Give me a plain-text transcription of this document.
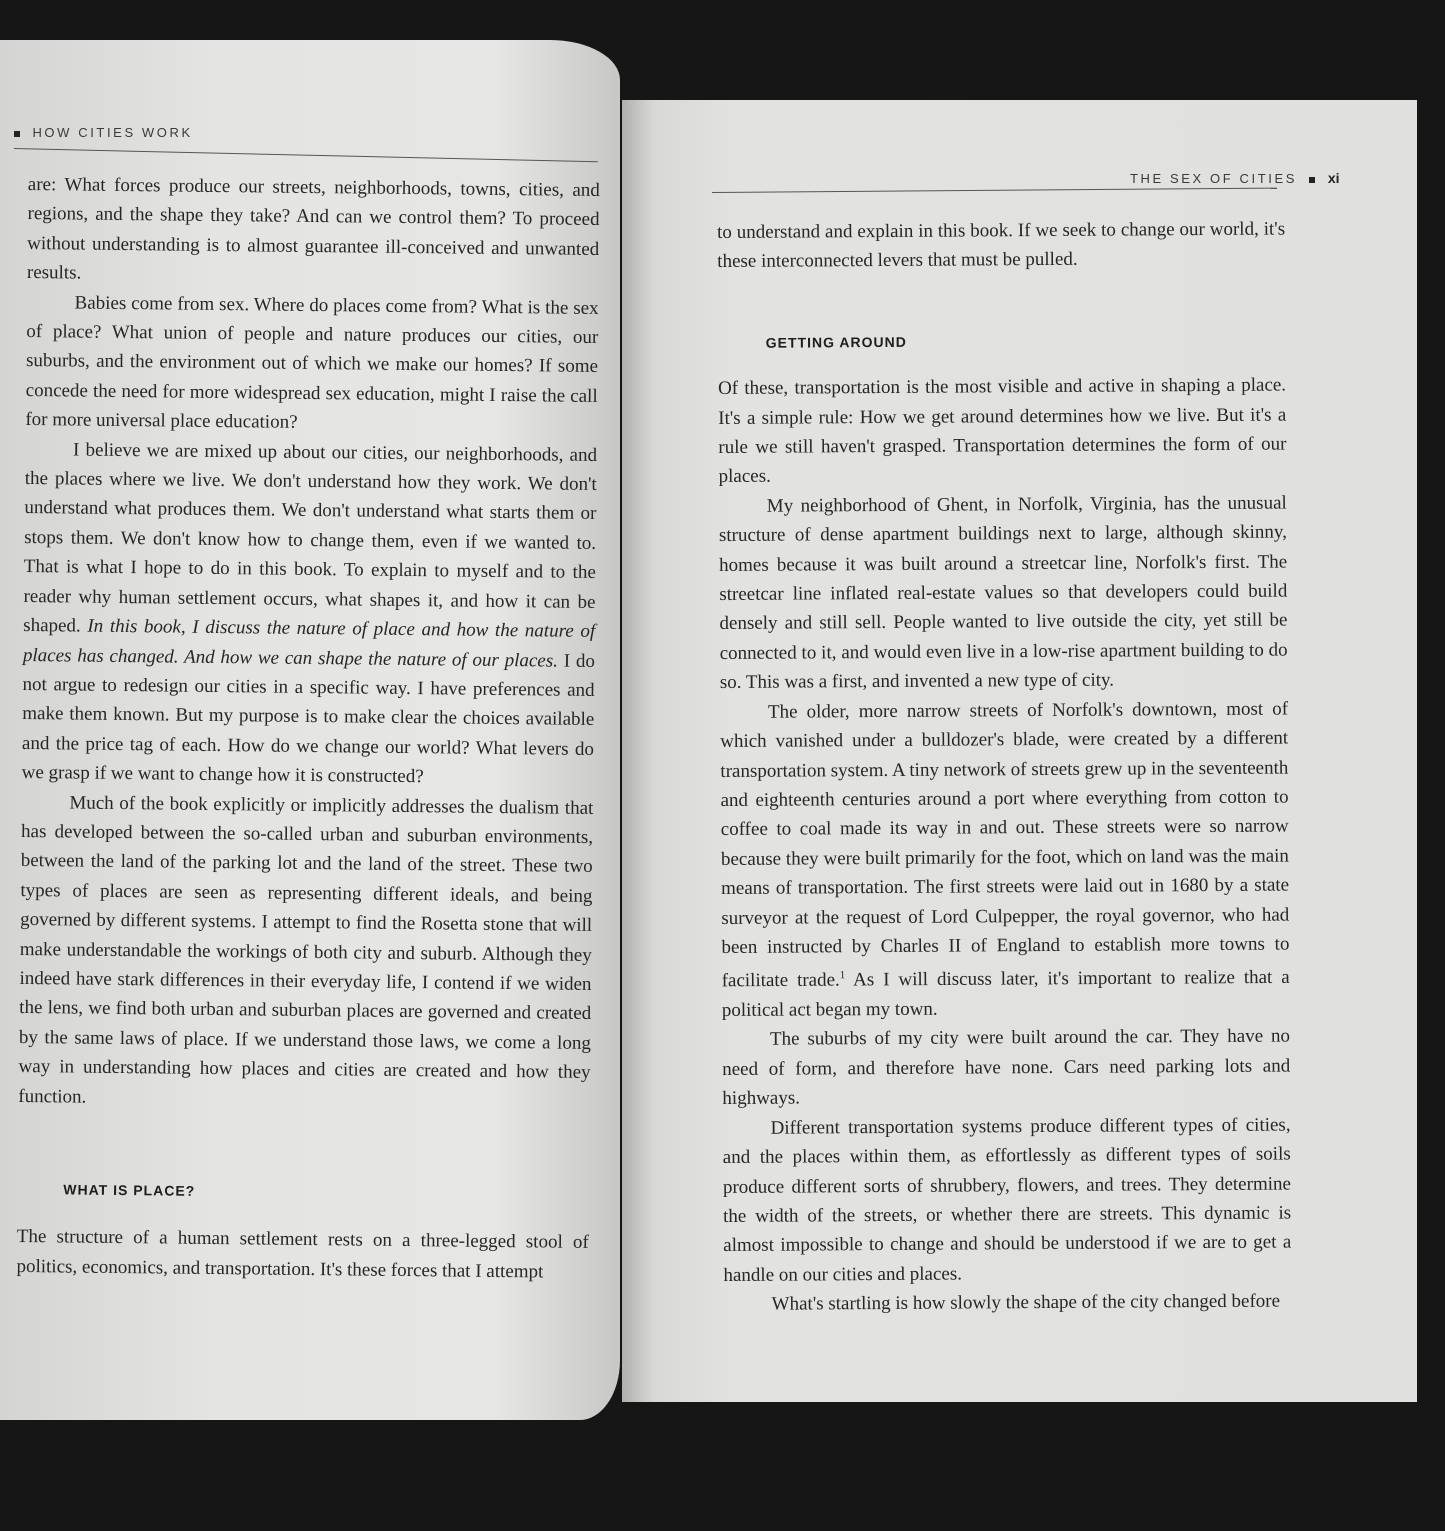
HOW CITIES WORK

are: What forces produce our streets, neighborhoods, towns, cities, and regions, and the shape they take? And can we control them? To proceed without understanding is to almost guarantee ill-conceived and unwanted results.

Babies come from sex. Where do places come from? What is the sex of place? What union of people and nature produces our cities, our suburbs, and the environment out of which we make our homes? If some concede the need for more widespread sex education, might I raise the call for more universal place education?

I believe we are mixed up about our cities, our neighborhoods, and the places where we live. We don't understand how they work. We don't understand what produces them. We don't understand what starts them or stops them. We don't know how to change them, even if we wanted to. That is what I hope to do in this book. To explain to myself and to the reader why human settlement occurs, what shapes it, and how it can be shaped. In this book, I discuss the nature of place and how the nature of places has changed. And how we can shape the nature of our places. I do not argue to redesign our cities in a specific way. I have preferences and make them known. But my purpose is to make clear the choices available and the price tag of each. How do we change our world? What levers do we grasp if we want to change how it is constructed?

Much of the book explicitly or implicitly addresses the dualism that has developed between the so-called urban and suburban environments, between the land of the parking lot and the land of the street. These two types of places are seen as representing different ideals, and being governed by different systems. I attempt to find the Rosetta stone that will make understandable the workings of both city and suburb. Although they indeed have stark differences in their everyday life, I contend if we widen the lens, we find both urban and suburban places are governed and created by the same laws of place. If we understand those laws, we come a long way in understanding how places and cities are created and how they function.

WHAT IS PLACE?

The structure of a human settlement rests on a three-legged stool of politics, economics, and transportation. It's these forces that I attempt

THE SEX OF CITIES xi

to understand and explain in this book. If we seek to change our world, it's these interconnected levers that must be pulled.

GETTING AROUND

Of these, transportation is the most visible and active in shaping a place. It's a simple rule: How we get around determines how we live. But it's a rule we still haven't grasped. Transportation determines the form of our places.

My neighborhood of Ghent, in Norfolk, Virginia, has the unusual structure of dense apartment buildings next to large, although skinny, homes because it was built around a streetcar line, Norfolk's first. The streetcar line inflated real-estate values so that developers could build densely and still sell. People wanted to live outside the city, yet still be connected to it, and would even live in a low-rise apartment building to do so. This was a first, and invented a new type of city.

The older, more narrow streets of Norfolk's downtown, most of which vanished under a bulldozer's blade, were created by a different transportation system. A tiny network of streets grew up in the seventeenth and eighteenth centuries around a port where everything from cotton to coffee to coal made its way in and out. These streets were so narrow because they were built primarily for the foot, which on land was the main means of transportation. The first streets were laid out in 1680 by a state surveyor at the request of Lord Culpepper, the royal governor, who had been instructed by Charles II of England to establish more towns to facilitate trade.$^1$ As I will discuss later, it's important to realize that a political act began my town.

The suburbs of my city were built around the car. They have no need of form, and therefore have none. Cars need parking lots and highways.

Different transportation systems produce different types of cities, and the places within them, as effortlessly as different types of soils produce different sorts of shrubbery, flowers, and trees. They determine the width of the streets, or whether there are streets. This dynamic is almost impossible to change and should be understood if we are to get a handle on our cities and places.

What's startling is how slowly the shape of the city changed before
